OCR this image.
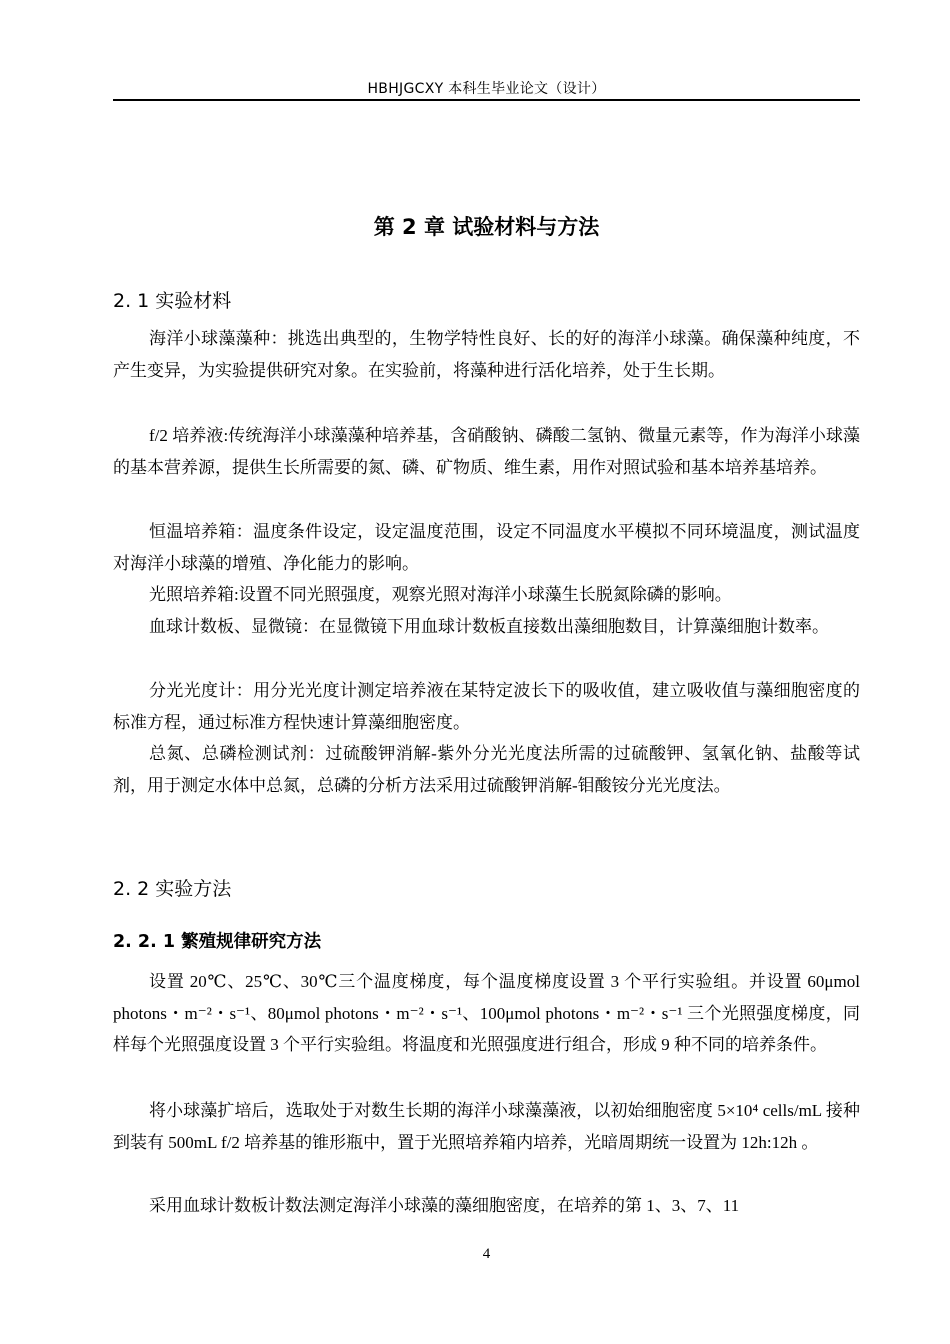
HBHJGCXY 本科生毕业论文（设计）
第 2 章 试验材料与方法
2. 1 实验材料

海洋小球藻藻种：挑选出典型的，生物学特性良好、长的好的海洋小球藻。确保藻种纯度，不产生变异，为实验提供研究对象。在实验前，将藻种进行活化培养，处于生长期。

f/2 培养液:传统海洋小球藻藻种培养基，含硝酸钠、磷酸二氢钠、微量元素等，作为海洋小球藻的基本营养源，提供生长所需要的氮、磷、矿物质、维生素，用作对照试验和基本培养基培养。

恒温培养箱：温度条件设定，设定温度范围，设定不同温度水平模拟不同环境温度，测试温度对海洋小球藻的增殖、净化能力的影响。

光照培养箱:设置不同光照强度，观察光照对海洋小球藻生长脱氮除磷的影响。

血球计数板、显微镜：在显微镜下用血球计数板直接数出藻细胞数目，计算藻细胞计数率。

分光光度计：用分光光度计测定培养液在某特定波长下的吸收值，建立吸收值与藻细胞密度的标准方程，通过标准方程快速计算藻细胞密度。

总氮、总磷检测试剂：过硫酸钾消解-紫外分光光度法所需的过硫酸钾、氢氧化钠、盐酸等试剂，用于测定水体中总氮，总磷的分析方法采用过硫酸钾消解-钼酸铵分光光度法。

2. 2 实验方法
2. 2. 1 繁殖规律研究方法

设置 20℃、25℃、30℃三个温度梯度，每个温度梯度设置 3 个平行实验组。并设置 60μmol photons・m⁻²・s⁻¹、80μmol photons・m⁻²・s⁻¹、100μmol photons・m⁻²・s⁻¹ 三个光照强度梯度，同样每个光照强度设置 3 个平行实验组。将温度和光照强度进行组合，形成 9 种不同的培养条件。

将小球藻扩培后，选取处于对数生长期的海洋小球藻藻液，以初始细胞密度 5×10⁴ cells/mL 接种到装有 500mL f/2 培养基的锥形瓶中，置于光照培养箱内培养，光暗周期统一设置为 12h:12h 。

采用血球计数板计数法测定海洋小球藻的藻细胞密度，在培养的第 1、3、7、11

4
